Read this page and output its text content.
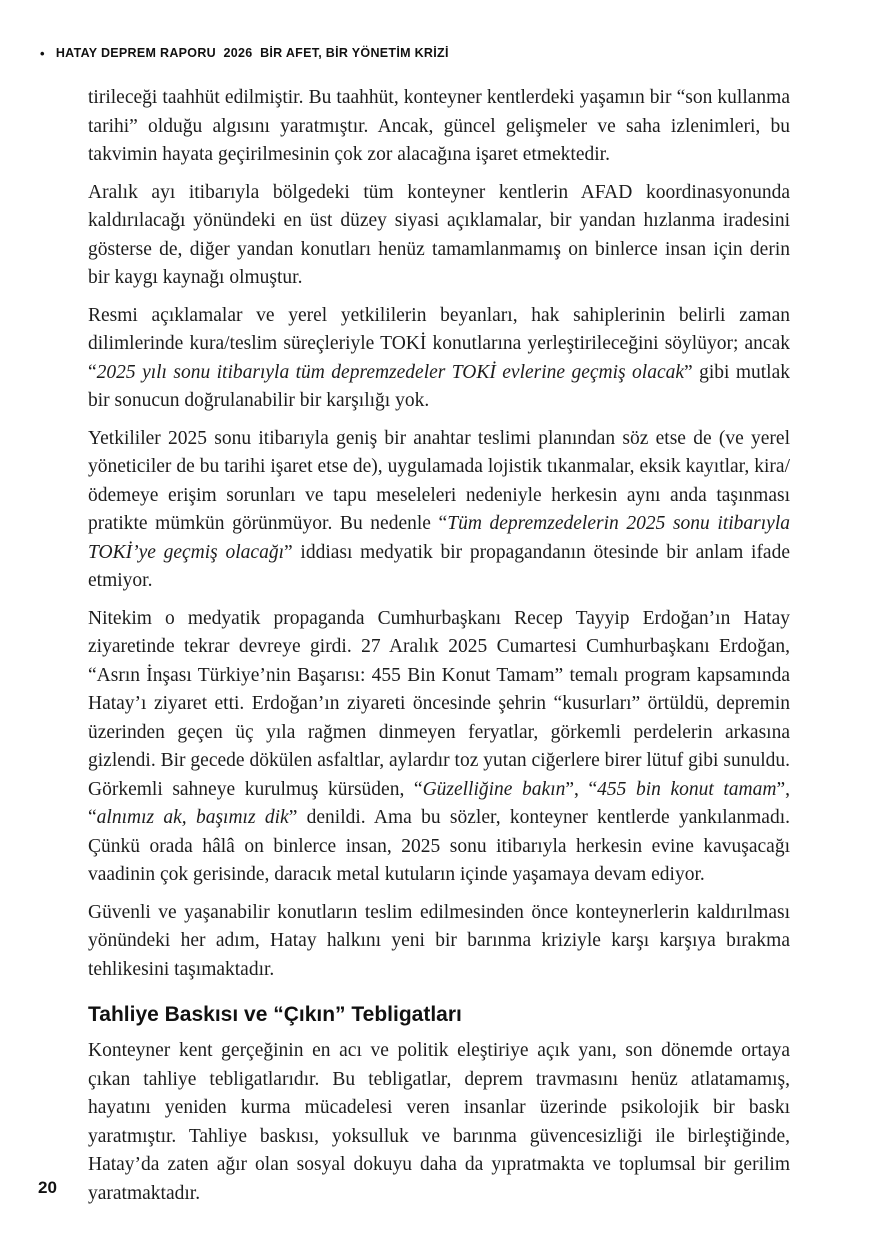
• HATAY DEPREM RAPORU  2026  BİR AFET, BİR YÖNETİM KRİZİ

tirileceği taahhüt edilmiştir. Bu taahhüt, konteyner kentlerdeki yaşamın bir “son kullanma tarihi” olduğu algısını yaratmıştır. Ancak, güncel gelişmeler ve saha izlenimleri, bu takvimin hayata geçirilmesinin çok zor alacağına işaret etmektedir.

Aralık ayı itibarıyla bölgedeki tüm konteyner kentlerin AFAD koordinasyonunda kaldırılacağı yönündeki en üst düzey siyasi açıklamalar, bir yandan hızlanma iradesini gösterse de, diğer yandan konutları henüz tamamlanmamış on binlerce insan için derin bir kaygı kaynağı olmuştur.

Resmi açıklamalar ve yerel yetkililerin beyanları, hak sahiplerinin belirli zaman dilimlerinde kura/teslim süreçleriyle TOKİ konutlarına yerleştirileceğini söylüyor; ancak “2025 yılı sonu itibarıyla tüm depremzedeler TOKİ evlerine geçmiş olacak” gibi mutlak bir sonucun doğrulanabilir bir karşılığı yok.

Yetkililer 2025 sonu itibarıyla geniş bir anahtar teslimi planından söz etse de (ve yerel yöneticiler de bu tarihi işaret etse de), uygulamada lojistik tıkanmalar, eksik kayıtlar, kira/ödemeye erişim sorunları ve tapu meseleleri nedeniyle herkesin aynı anda taşınması pratikte mümkün görünmüyor. Bu nedenle “Tüm depremzedelerin 2025 sonu itibarıyla TOKİ’ye geçmiş olacağı” iddiası medyatik bir propagandanın ötesinde bir anlam ifade etmiyor.

Nitekim o medyatik propaganda Cumhurbaşkanı Recep Tayyip Erdoğan’ın Hatay ziyaretinde tekrar devreye girdi. 27 Aralık 2025 Cumartesi Cumhurbaşkanı Erdoğan, “Asrın İnşası Türkiye’nin Başarısı: 455 Bin Konut Tamam” temalı program kapsamında Hatay’ı ziyaret etti. Erdoğan’ın ziyareti öncesinde şehrin “kusurları” örtüldü, depremin üzerinden geçen üç yıla rağmen dinmeyen feryatlar, görkemli perdelerin arkasına gizlendi. Bir gecede dökülen asfaltlar, aylardır toz yutan ciğerlere birer lütuf gibi sunuldu. Görkemli sahneye kurulmuş kürsüden, “Güzelliğine bakın”, “455 bin konut tamam”, “alnımız ak, başımız dik” denildi. Ama bu sözler, konteyner kentlerde yankılanmadı. Çünkü orada hâlâ on binlerce insan, 2025 sonu itibarıyla herkesin evine kavuşacağı vaadinin çok gerisinde, daracık metal kutuların içinde yaşamaya devam ediyor.

Güvenli ve yaşanabilir konutların teslim edilmesinden önce konteynerlerin kaldırılması yönündeki her adım, Hatay halkını yeni bir barınma kriziyle karşı karşıya bırakma tehlikesini taşımaktadır.

Tahliye Baskısı ve “Çıkın” Tebligatları

Konteyner kent gerçeğinin en acı ve politik eleştiriye açık yanı, son dönemde ortaya çıkan tahliye tebligatlarıdır. Bu tebligatlar, deprem travmasını henüz atlatamamış, hayatını yeniden kurma mücadelesi veren insanlar üzerinde psikolojik bir baskı yaratmıştır. Tahliye baskısı, yoksulluk ve barınma güvencesizliği ile birleştiğinde, Hatay’da zaten ağır olan sosyal dokuyu daha da yıpratmakta ve toplumsal bir gerilim yaratmaktadır.

20
